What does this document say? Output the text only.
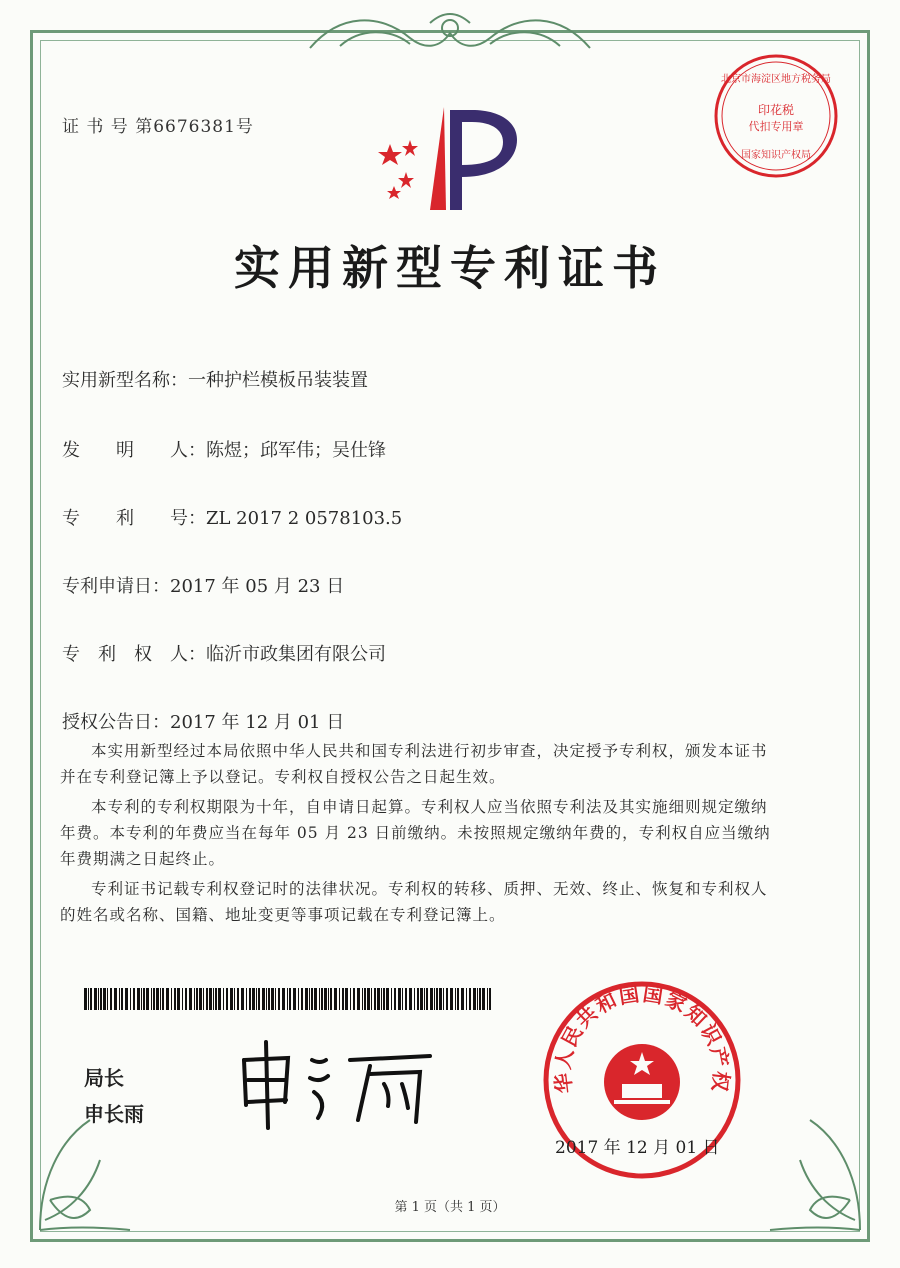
证 书 号 第6676381号
北京市海淀区地方税务局
印花税
代扣专用章
国家知识产权局
实用新型专利证书
实用新型名称：一种护栏模板吊装装置
发　　明　　人：陈煜；邱军伟；吴仕锋
专　　利　　号：ZL 2017 2 0578103.5
专利申请日：2017 年 05 月 23 日
专　利　权　人：临沂市政集团有限公司
授权公告日：2017 年 12 月 01 日

本实用新型经过本局依照中华人民共和国专利法进行初步审查，决定授予专利权，颁发本证书并在专利登记簿上予以登记。专利权自授权公告之日起生效。

本专利的专利权期限为十年，自申请日起算。专利权人应当依照专利法及其实施细则规定缴纳年费。本专利的年费应当在每年 05 月 23 日前缴纳。未按照规定缴纳年费的，专利权自应当缴纳年费期满之日起终止。

专利证书记载专利权登记时的法律状况。专利权的转移、质押、无效、终止、恢复和专利权人的姓名或名称、国籍、地址变更等事项记载在专利登记簿上。

局长
申长雨
华人民共和国国家知识产权
2017 年 12 月 01 日
第 1 页（共 1 页）
